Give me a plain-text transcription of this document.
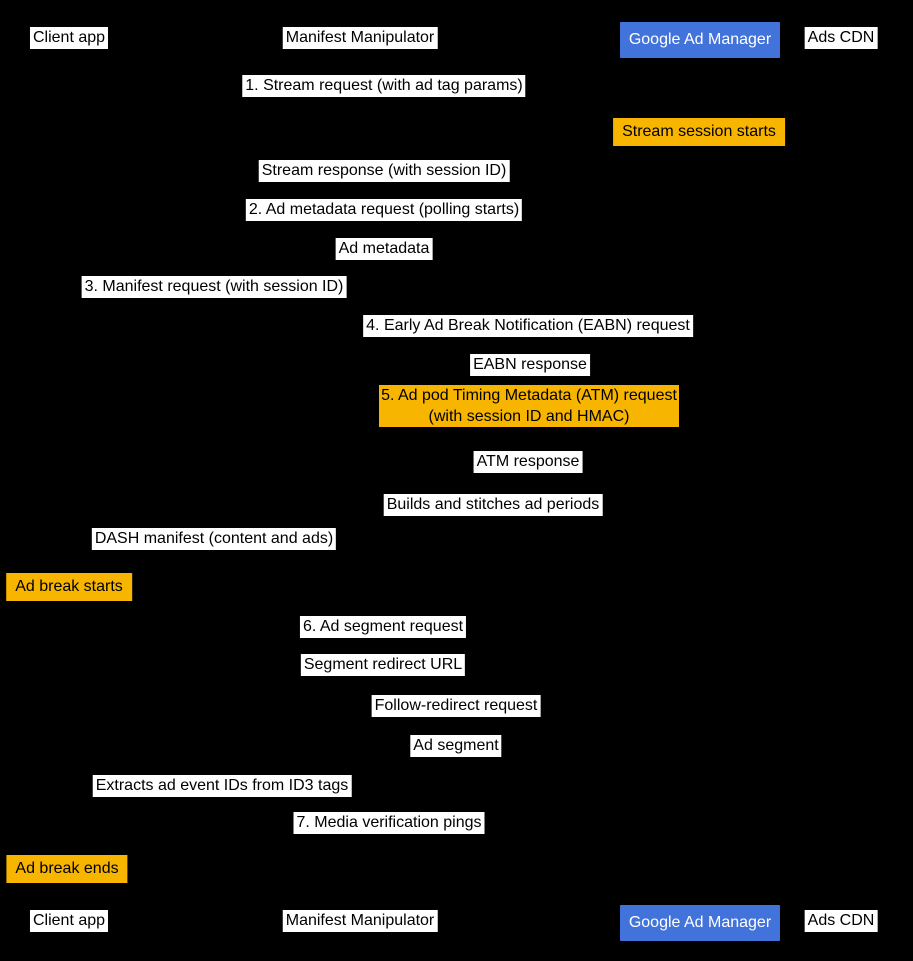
Client app	Manifest Manipulator	Google Ad Manager	Ads CDN
1. Stream request (with ad tag params)
Stream session starts
Stream response (with session ID)
2. Ad metadata request (polling starts)
Ad metadata
3. Manifest request (with session ID)
4. Early Ad Break Notification (EABN) request
EABN response
5. Ad pod Timing Metadata (ATM) request
(with session ID and HMAC)
ATM response
Builds and stitches ad periods
DASH manifest (content and ads)
Ad break starts
6. Ad segment request
Segment redirect URL
Follow-redirect request
Ad segment
Extracts ad event IDs from ID3 tags
7. Media verification pings
Ad break ends
Client app	Manifest Manipulator	Google Ad Manager	Ads CDN
